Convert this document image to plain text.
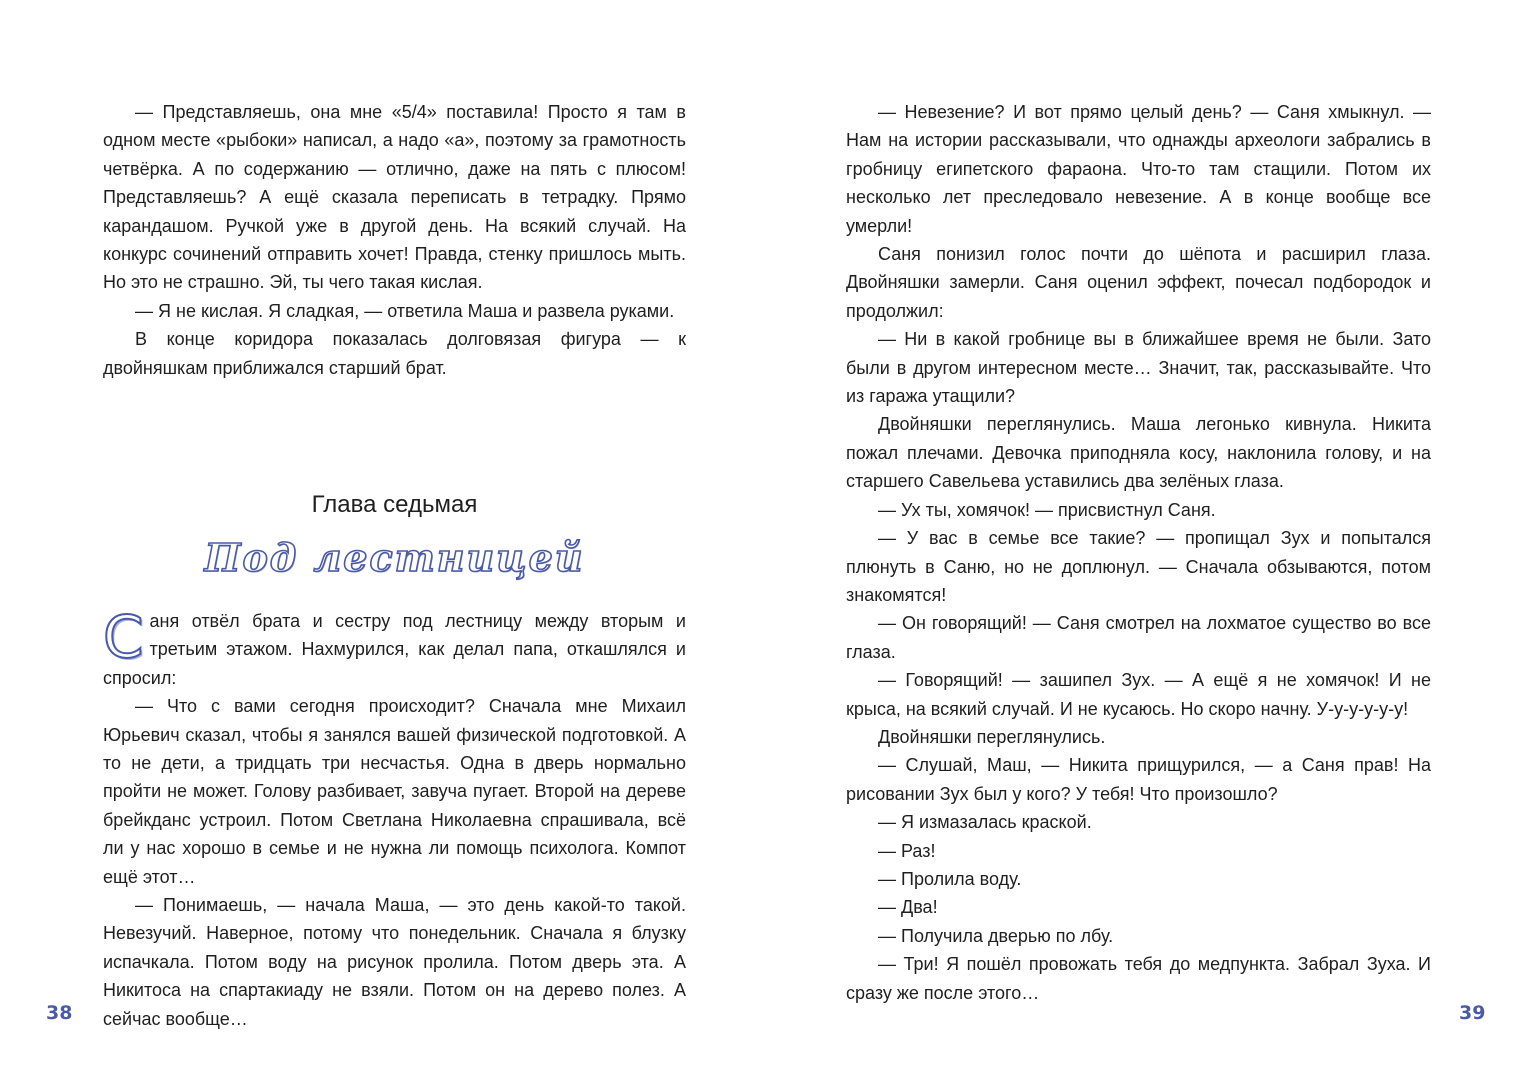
— Представляешь, она мне «5/4» поставила! Просто я там в одном месте «рыбоки» написал, а надо «а», поэтому за грамотность четвёрка. А по содержанию — отлично, даже на пять с плюсом! Представляешь? А ещё сказала переписать в тетрадку. Прямо карандашом. Ручкой уже в другой день. На всякий случай. На конкурс сочинений отправить хочет! Правда, стенку пришлось мыть. Но это не страшно. Эй, ты чего такая кислая.

— Я не кислая. Я сладкая, — ответила Маша и развела руками.

В конце коридора показалась долговязая фигура — к двойняшкам приближался старший брат.

Глава седьмая
Под лестницей

Саня отвёл брата и сестру под лестницу между вторым и третьим этажом. Нахмурился, как делал папа, откашлялся и спросил:

— Что с вами сегодня происходит? Сначала мне Михаил Юрьевич сказал, чтобы я занялся вашей физической подготовкой. А то не дети, а тридцать три несчастья. Одна в дверь нормально пройти не может. Голову разбивает, завуча пугает. Второй на дереве брейкданс устроил. Потом Светлана Николаевна спрашивала, всё ли у нас хорошо в семье и не нужна ли помощь психолога. Компот ещё этот…

— Понимаешь, — начала Маша, — это день какой-то такой. Невезучий. Наверное, потому что понедельник. Сначала я блузку испачкала. Потом воду на рисунок пролила. Потом дверь эта. А Никитоса на спартакиаду не взяли. Потом он на дерево полез. А сейчас вообще…

38

— Невезение? И вот прямо целый день? — Саня хмыкнул. — Нам на истории рассказывали, что однажды археологи забрались в гробницу египетского фараона. Что-то там стащили. Потом их несколько лет преследовало невезение. А в конце вообще все умерли!

Саня понизил голос почти до шёпота и расширил глаза. Двойняшки замерли. Саня оценил эффект, почесал подбородок и продолжил:

— Ни в какой гробнице вы в ближайшее время не были. Зато были в другом интересном месте… Значит, так, рассказывайте. Что из гаража утащили?

Двойняшки переглянулись. Маша легонько кивнула. Никита пожал плечами. Девочка приподняла косу, наклонила голову, и на старшего Савельева уставились два зелёных глаза.

— Ух ты, хомячок! — присвистнул Саня.

— У вас в семье все такие? — пропищал Зух и попытался плюнуть в Саню, но не доплюнул. — Сначала обзываются, потом знакомятся!

— Он говорящий! — Саня смотрел на лохматое существо во все глаза.

— Говорящий! — зашипел Зух. — А ещё я не хомячок! И не крыса, на всякий случай. И не кусаюсь. Но скоро начну. У-у-у-у-у-у!

Двойняшки переглянулись.

— Слушай, Маш, — Никита прищурился, — а Саня прав! На рисовании Зух был у кого? У тебя! Что произошло?

— Я измазалась краской.

— Раз!

— Пролила воду.

— Два!

— Получила дверью по лбу.

— Три! Я пошёл провожать тебя до медпункта. Забрал Зуха. И сразу же после этого…

39
